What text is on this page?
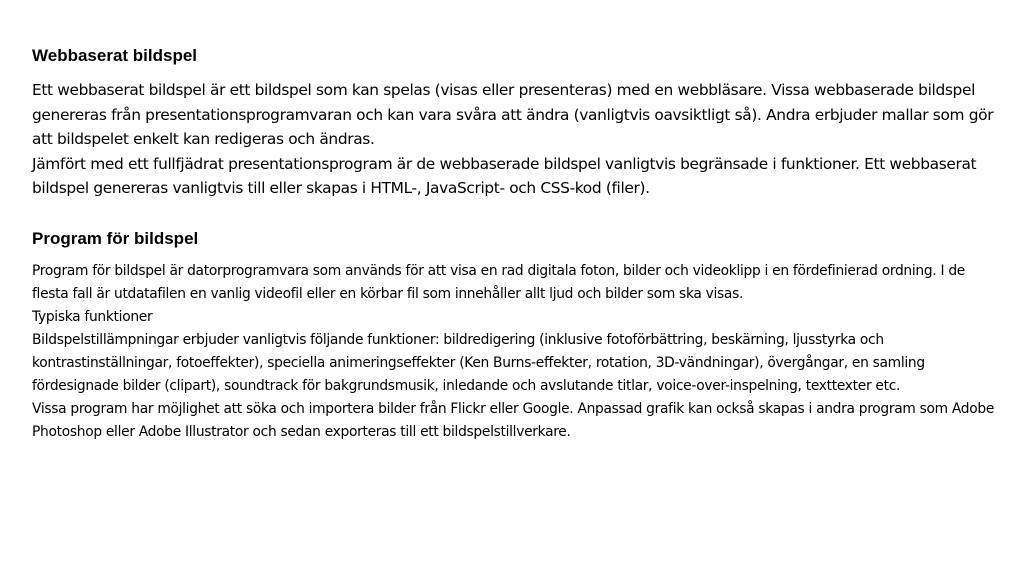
Webbaserat bildspel
Ett webbaserat bildspel är ett bildspel som kan spelas (visas eller presenteras) med en webbläsare. Vissa webbaserade bildspel genereras från presentationsprogramvaran och kan vara svåra att ändra (vanligtvis oavsiktligt så). Andra erbjuder mallar som gör att bildspelet enkelt kan redigeras och ändras.
Jämfört med ett fullfjädrat presentationsprogram är de webbaserade bildspel vanligtvis begränsade i funktioner. Ett webbaserat bildspel genereras vanligtvis till eller skapas i HTML-, JavaScript- och CSS-kod (filer).
Program för bildspel
Program för bildspel är datorprogramvara som används för att visa en rad digitala foton, bilder och videoklipp i en fördefinierad ordning. I de flesta fall är utdatafilen en vanlig videofil eller en körbar fil som innehåller allt ljud och bilder som ska visas.
Typiska funktioner
Bildspelstillämpningar erbjuder vanligtvis följande funktioner: bildredigering (inklusive fotoförbättring, beskärning, ljusstyrka och kontrastinställningar, fotoeffekter), speciella animeringseffekter (Ken Burns-effekter, rotation, 3D-vändningar), övergångar, en samling fördesignade bilder (clipart), soundtrack för bakgrundsmusik, inledande och avslutande titlar, voice-over-inspelning, texttexter etc.
Vissa program har möjlighet att söka och importera bilder från Flickr eller Google. Anpassad grafik kan också skapas i andra program som Adobe Photoshop eller Adobe Illustrator och sedan exporteras till ett bildspelstillverkare.
